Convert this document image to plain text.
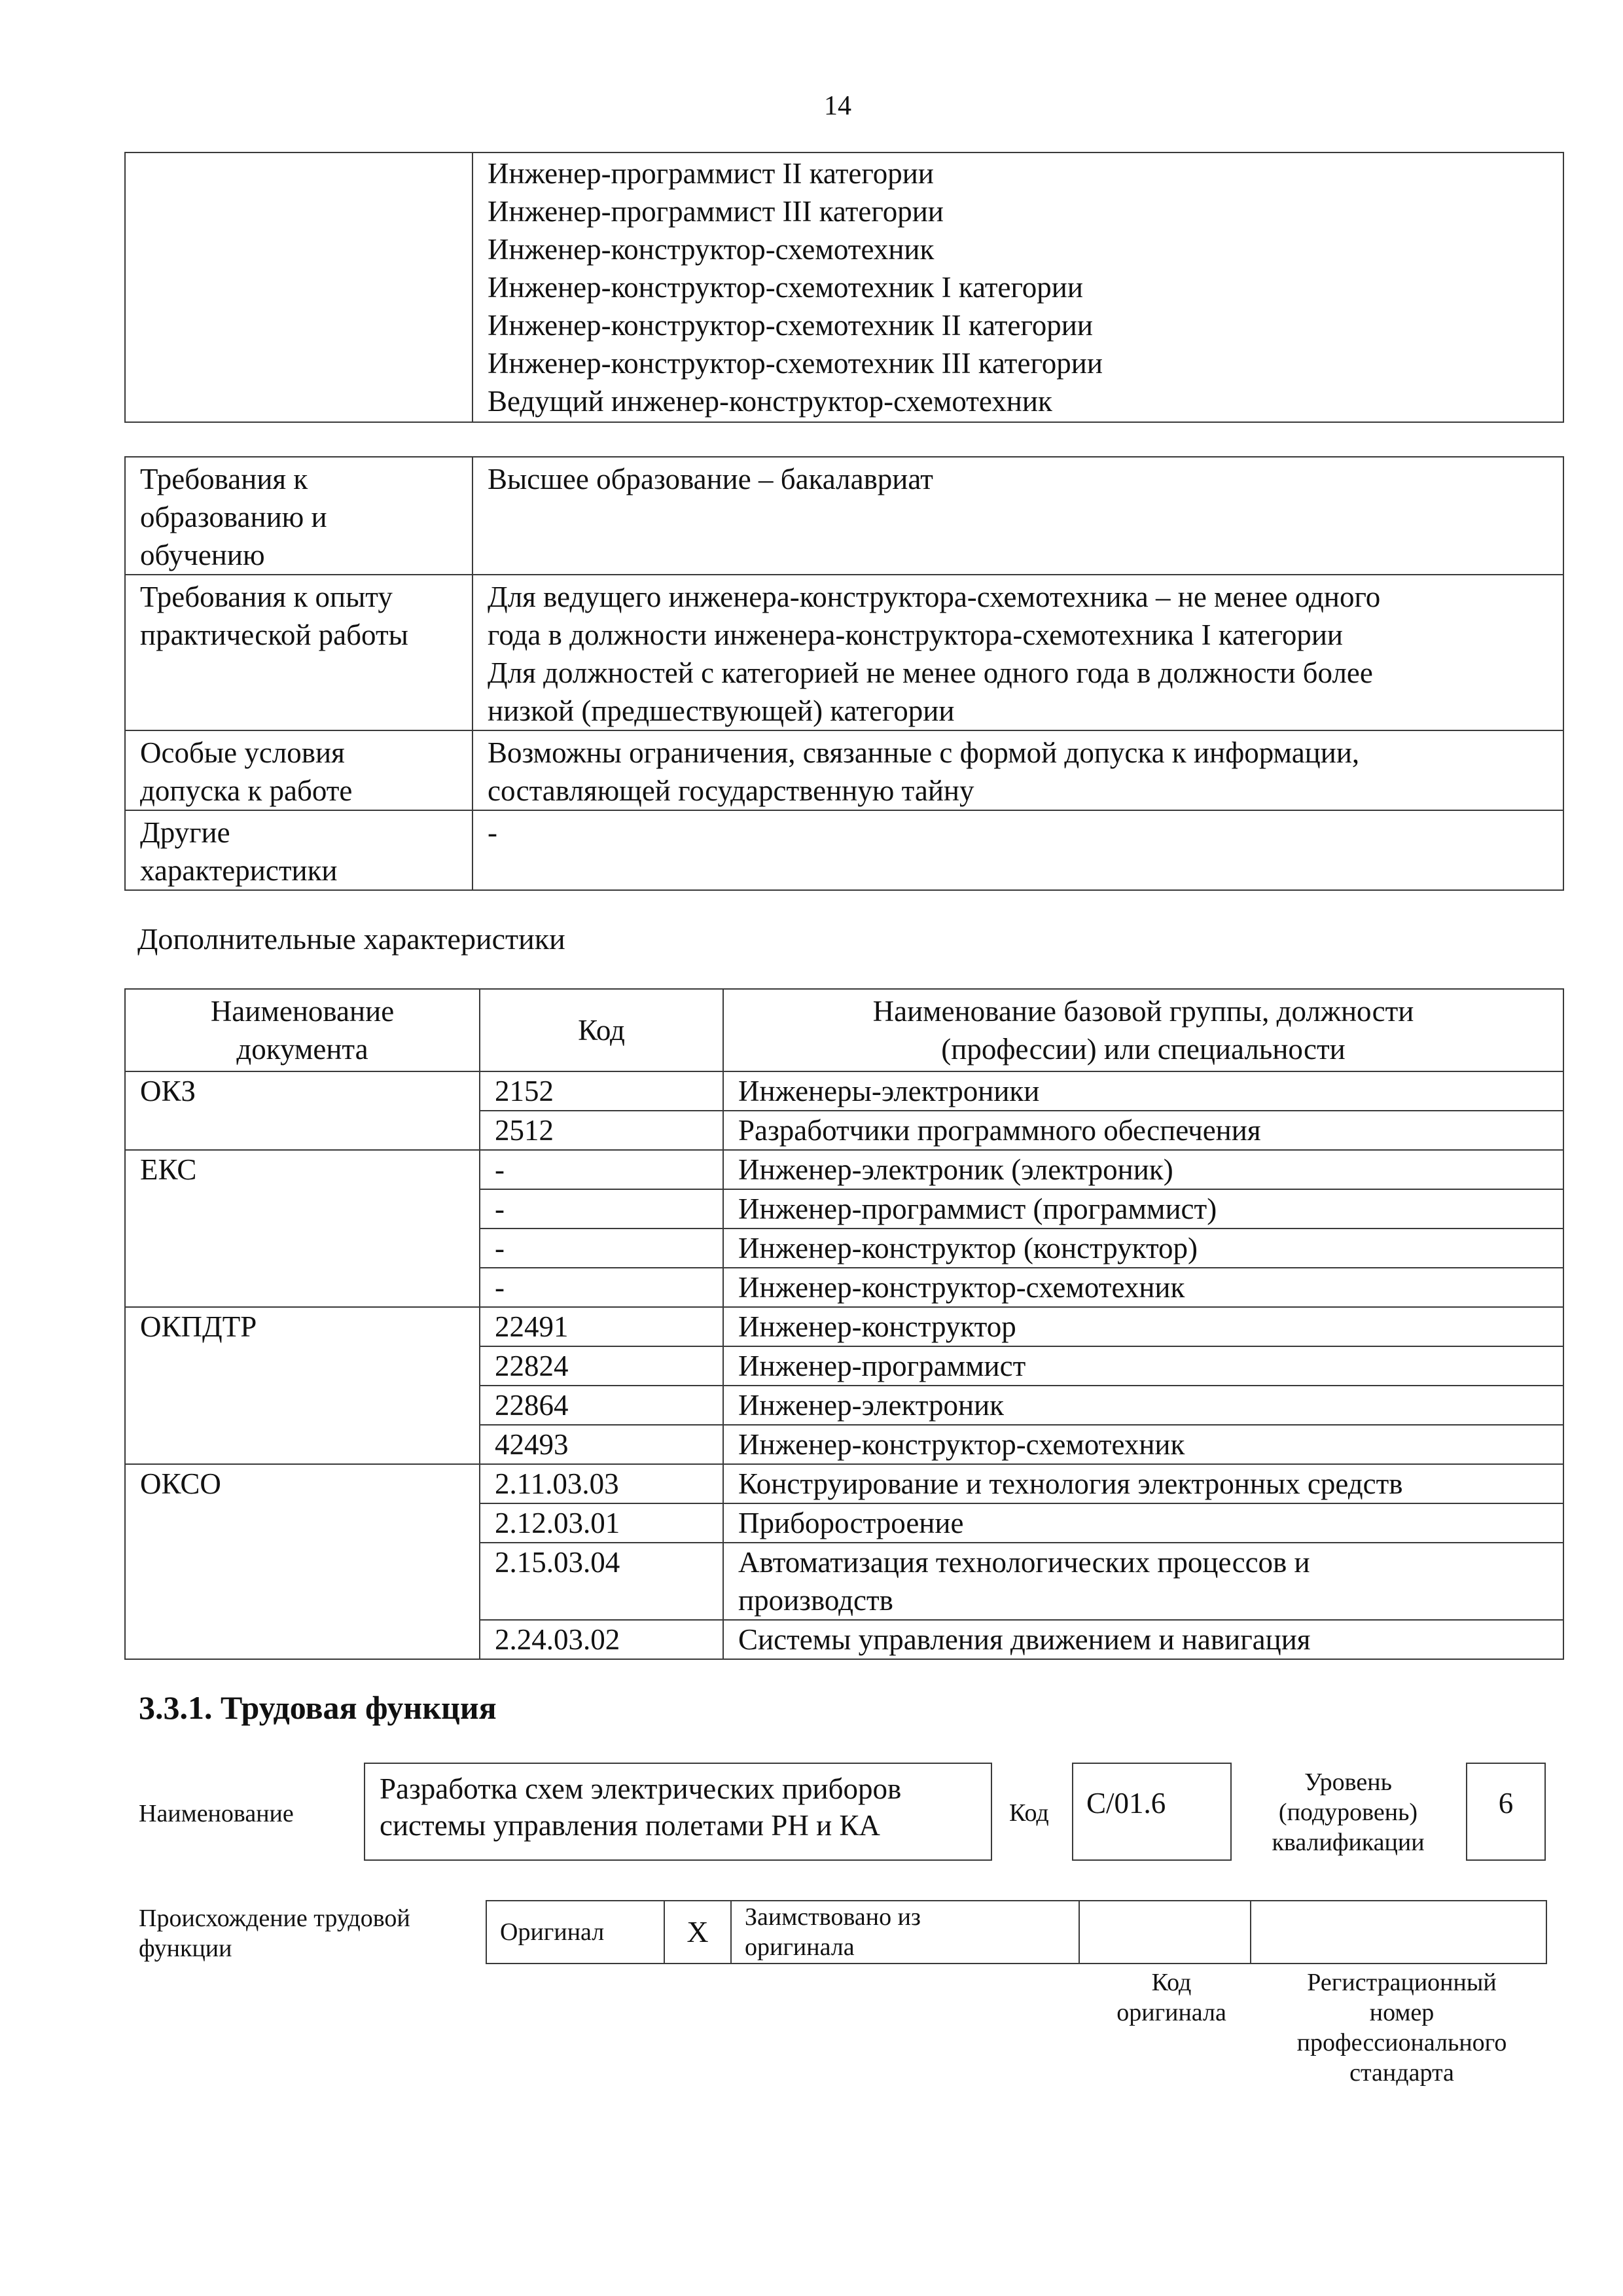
14

Инженер-программист II категории
Инженер-программист III категории
Инженер-конструктор-схемотехник
Инженер-конструктор-схемотехник I категории
Инженер-конструктор-схемотехник II категории
Инженер-конструктор-схемотехник III категории
Ведущий инженер-конструктор-схемотехник
Требования к
образованию и
обучению	Высшее образование – бакалавриат

Требования к опыту
практической работы	Для ведущего инженера-конструктора-схемотехника – не менее одного
года в должности инженера-конструктора-схемотехника I категории
Для должностей с категорией не менее одного года в должности более
низкой (предшествующей) категории

Особые условия
допуска к работе	Возможны ограничения, связанные с формой допуска к информации,
составляющей государственную тайну

Другие
характеристики	-
Дополнительные характеристики
Наименование
документа	Код	Наименование базовой группы, должности
(профессии) или специальности

ОКЗ	2152	Инженеры-электроники
	2512	Разработчики программного обеспечения
ЕКС	-	Инженер-электроник (электроник)
	-	Инженер-программист (программист)
	-	Инженер-конструктор (конструктор)
	-	Инженер-конструктор-схемотехник
ОКПДТР	22491	Инженер-конструктор
	22824	Инженер-программист
	22864	Инженер-электроник
	42493	Инженер-конструктор-схемотехник
ОКСО	2.11.03.03	Конструирование и технология электронных средств
	2.12.03.01	Приборостроение
	2.15.03.04	Автоматизация технологических процессов и
производств

	2.24.03.02	Системы управления движением и навигация
3.3.1. Трудовая функция
Наименование
Разработка схем электрических приборов
системы управления полетами РН и КА	Код	C/01.6
Уровень
(подуровень)
квалификации
6
Происхождение трудовой
функции
Оригинал	X	Заимствовано из
оригинала

Код
оригинала
Регистрационный
номер
профессионального
стандарта
